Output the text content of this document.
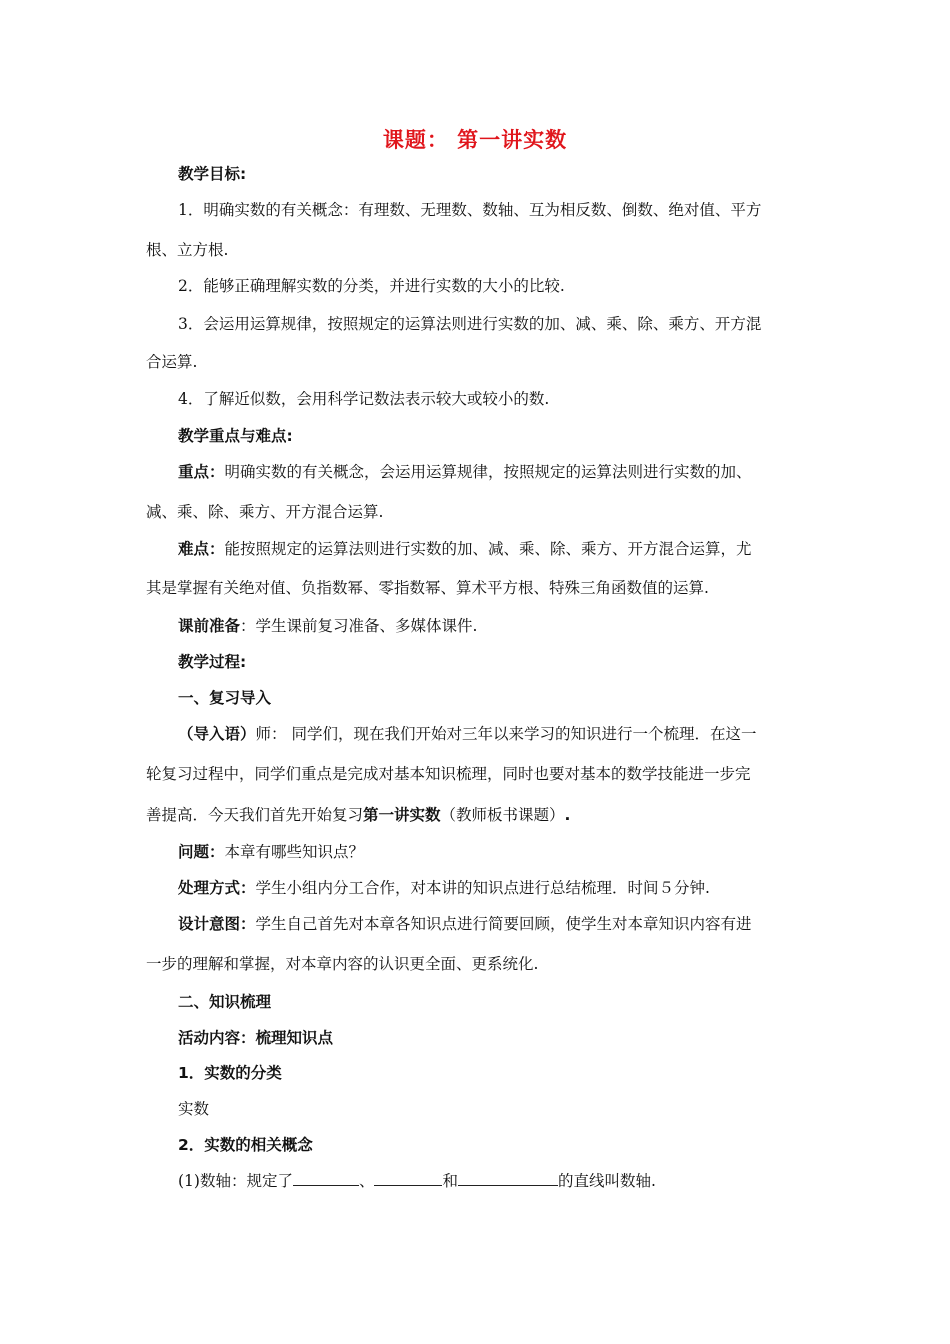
课题： 第一讲实数
教学目标:
1．明确实数的有关概念：有理数、无理数、数轴、互为相反数、倒数、绝对值、平方
根、立方根.
2．能够正确理解实数的分类，并进行实数的大小的比较.
3．会运用运算规律，按照规定的运算法则进行实数的加、减、乘、除、乘方、开方混
合运算.
4．了解近似数，会用科学记数法表示较大或较小的数.
教学重点与难点:
重点：明确实数的有关概念，会运用运算规律，按照规定的运算法则进行实数的加、
减、乘、除、乘方、开方混合运算.
难点：能按照规定的运算法则进行实数的加、减、乘、除、乘方、开方混合运算，尤
其是掌握有关绝对值、负指数幂、零指数幂、算术平方根、特殊三角函数值的运算.
课前准备：学生课前复习准备、多媒体课件.
教学过程:
一、复习导入
（导入语）师： 同学们，现在我们开始对三年以来学习的知识进行一个梳理．在这一
轮复习过程中，同学们重点是完成对基本知识梳理，同时也要对基本的数学技能进一步完
善提高．今天我们首先开始复习第一讲实数（教师板书课题）.
问题：本章有哪些知识点？
处理方式：学生小组内分工合作，对本讲的知识点进行总结梳理．时间５分钟.
设计意图：学生自己首先对本章各知识点进行简要回顾，使学生对本章知识内容有进
一步的理解和掌握，对本章内容的认识更全面、更系统化.
二、知识梳理
活动内容：梳理知识点
1．实数的分类
实数
2．实数的相关概念
(1)数轴：规定了	、	和	的直线叫数轴.
